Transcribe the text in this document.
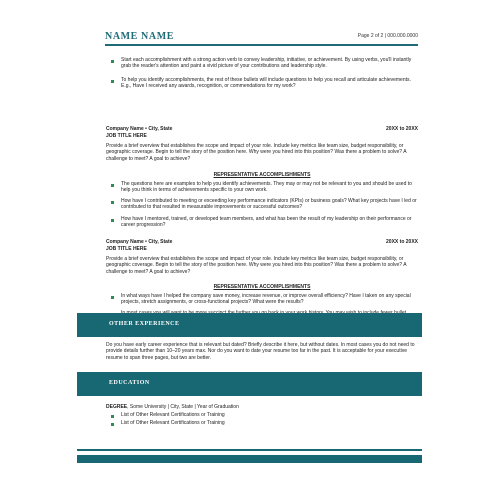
NAME NAME	Page 2 of 2 | 000.000.0000
Start each accomplishment with a strong action verb to convey leadership, initiative, or achievement. By using verbs, you'll instantly grab the reader's attention and paint a vivid picture of your contributions and leadership style.
To help you identify accomplishments, the rest of these bullets will include questions to help you recall and articulate achievements. E.g., Have I received any awards, recognition, or commendations for my work?
Company Name • City, State	20XX to 20XX
JOB TITLE HERE
Provide a brief overview that establishes the scope and impact of your role. Include key metrics like team size, budget responsibility, or geographic coverage. Begin to tell the story of the position here. Why were you hired into this position? Was there a problem to solve? A challenge to meet? A goal to achieve?
REPRESENTATIVE ACCOMPLISHMENTS
The questions here are examples to help you identify achievements. They may or may not be relevant to you and should be used to help you think in terms of achievements specific to your own work.
How have I contributed to meeting or exceeding key performance indicators (KPIs) or business goals? What key projects have I led or contributed to that resulted in measurable improvements or successful outcomes?
How have I mentored, trained, or developed team members, and what has been the result of my leadership on their performance or career progression?
Company Name • City, State	20XX to 20XX
JOB TITLE HERE
Provide a brief overview that establishes the scope and impact of your role. Include key metrics like team size, budget responsibility, or geographic coverage. Begin to tell the story of the position here. Why were you hired into this position? Was there a problem to solve? A challenge to meet? A goal to achieve?
REPRESENTATIVE ACCOMPLISHMENTS
In what ways have I helped the company save money, increase revenue, or improve overall efficiency? Have I taken on any special projects, stretch assignments, or cross-functional projects? What were the results?
OTHER EXPERIENCE
Do you have early career experience that is relevant but dated? Briefly describe it here, but without dates. In most cases you do not need to provide details further than 10–20 years max. Nor do you want to date your resume too far in the past. It is acceptable for your executive resume to span three pages, but two are better.
EDUCATION
DEGREE, Some University | City, State | Year of Graduation
List of Other Relevant Certifications or Training
List of Other Relevant Certifications or Training
